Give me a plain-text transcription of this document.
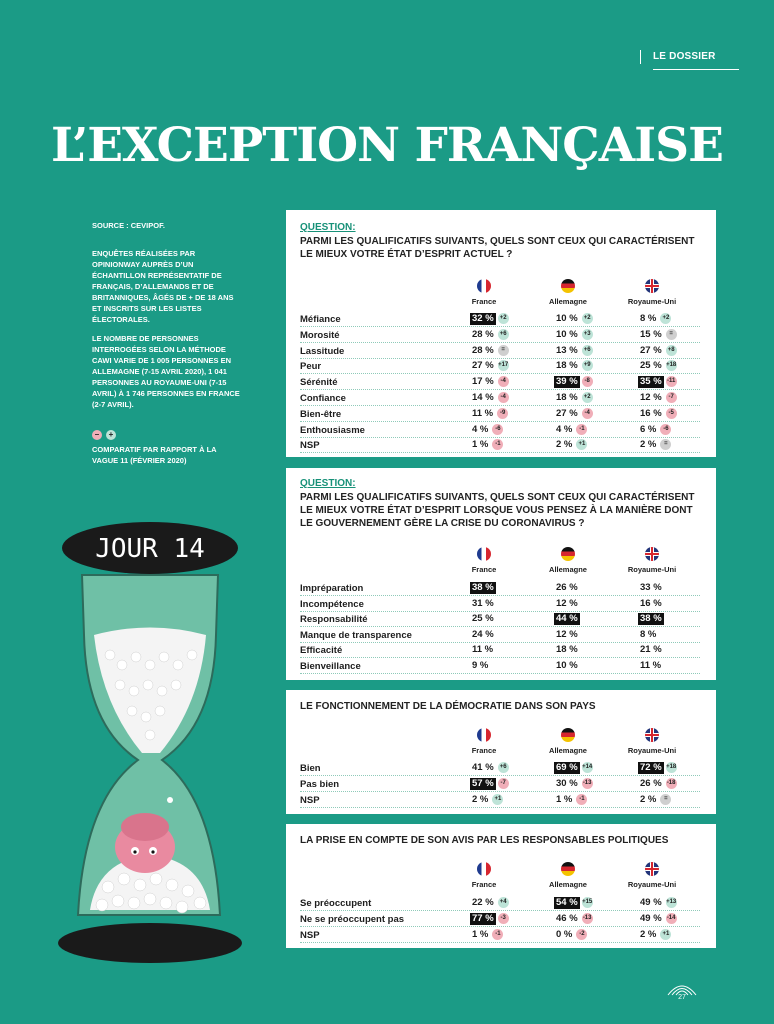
LE DOSSIER
L’EXCEPTION FRANÇAISE
SOURCE : CEVIPOF.
ENQUÊTES RÉALISÉES PAR OPINIONWAY AUPRÈS D’UN ÉCHANTILLON REPRÉSENTATIF DE FRANÇAIS, D’ALLEMANDS ET DE BRITANNIQUES, ÂGÉS DE + DE 18 ANS ET INSCRITS SUR LES LISTES ÉLECTORALES.
LE NOMBRE DE PERSONNES INTERROGÉES SELON LA MÉTHODE CAWI VARIE DE 1 005 PERSONNES EN ALLEMAGNE (7-15 AVRIL 2020), 1 041 PERSONNES AU ROYAUME-UNI (7-15 AVRIL) À 1 746 PERSONNES EN FRANCE (2-7 AVRIL).
–	+
COMPARATIF PAR RAPPORT À LA VAGUE 11 (FÉVRIER 2020)
JOUR 14
QUESTION:
PARMI LES QUALIFICATIFS SUIVANTS, QUELS SONT CEUX QUI CARACTÉRISENT LE MIEUX VOTRE ÉTAT D’ESPRIT ACTUEL ?
France	Allemagne	Royaume-Uni
Méfiance	32 % +2	10 % +2	8 % +2
Morosité	28 % +6	10 % +3	15 % =
Lassitude	28 % =	13 % +6	27 % +8
Peur	27 % +17	18 % +9	25 % +18
Sérénité	17 % -4	39 % -8	35 % -11
Confiance	14 % -4	18 % +2	12 % -7
Bien-être	11 % -9	27 % -4	16 % -5
Enthousiasme	4 % -6	4 % -1	6 % -6
NSP	1 % -1	2 % +1	2 % =
QUESTION:
PARMI LES QUALIFICATIFS SUIVANTS, QUELS SONT CEUX QUI CARACTÉRISENT LE MIEUX VOTRE ÉTAT D’ESPRIT LORSQUE VOUS PENSEZ À LA MANIÈRE DONT LE GOUVERNEMENT GÈRE LA CRISE DU CORONAVIRUS ?
France	Allemagne	Royaume-Uni
Impréparation	38 %	26 %	33 %
Incompétence	31 %	12 %	16 %
Responsabilité	25 %	44 %	38 %
Manque de transparence	24 %	12 %	8 %
Efficacité	11 %	18 %	21 %
Bienveillance	9 %	10 %	11 %
LE FONCTIONNEMENT DE LA DÉMOCRATIE DANS SON PAYS
France	Allemagne	Royaume-Uni
Bien	41 % +6	69 % +14	72 % +18
Pas bien	57 % -7	30 % -13	26 % -18
NSP	2 % +1	1 % -1	2 % =
LA PRISE EN COMPTE DE SON AVIS PAR LES RESPONSABLES POLITIQUES
France	Allemagne	Royaume-Uni
Se préoccupent	22 % +4	54 % +15	49 % +13
Ne se préoccupent pas	77 % -3	46 % -13	49 % -14
NSP	1 % -1	0 % -2	2 % +1
27
